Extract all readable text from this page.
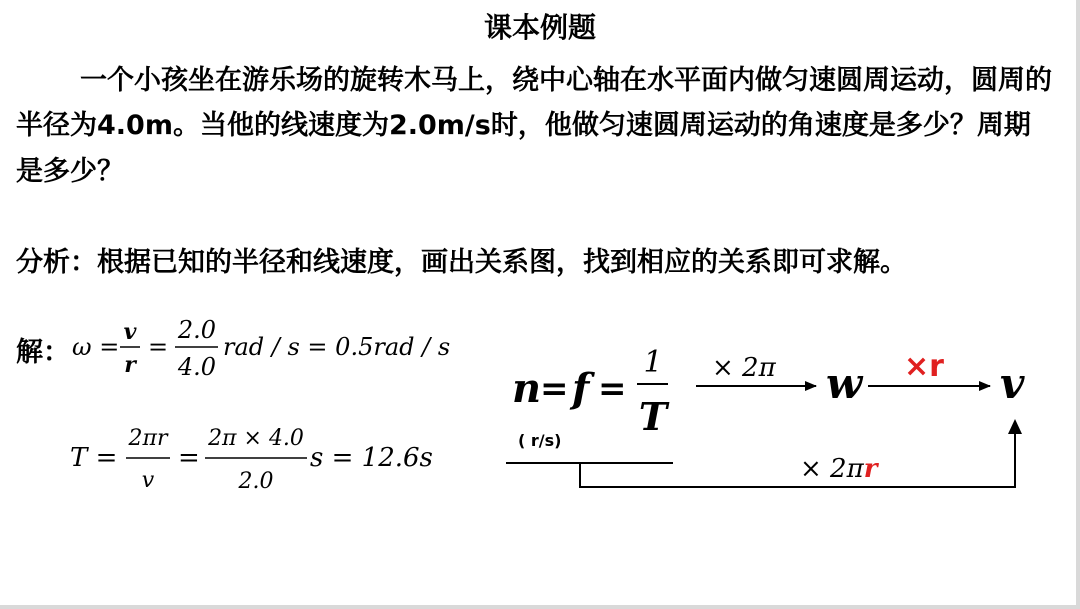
课本例题

一个小孩坐在游乐场的旋转木马上，绕中心轴在水平面内做匀速圆周运动，圆周的半径为4.0m。当他的线速度为2.0m/s时，他做匀速圆周运动的角速度是多少？周期是多少？

分析：根据已知的半径和线速度，画出关系图，找到相应的关系即可求解。

解： ω =
v
r
=
2.0
4.0
rad / s = 0.5rad / s
T =
2πr
v
=
2π × 4.0
2.0
s = 12.6s
n
= f =
1
T
( r/s)
× 2π w ×r v
× 2πr
